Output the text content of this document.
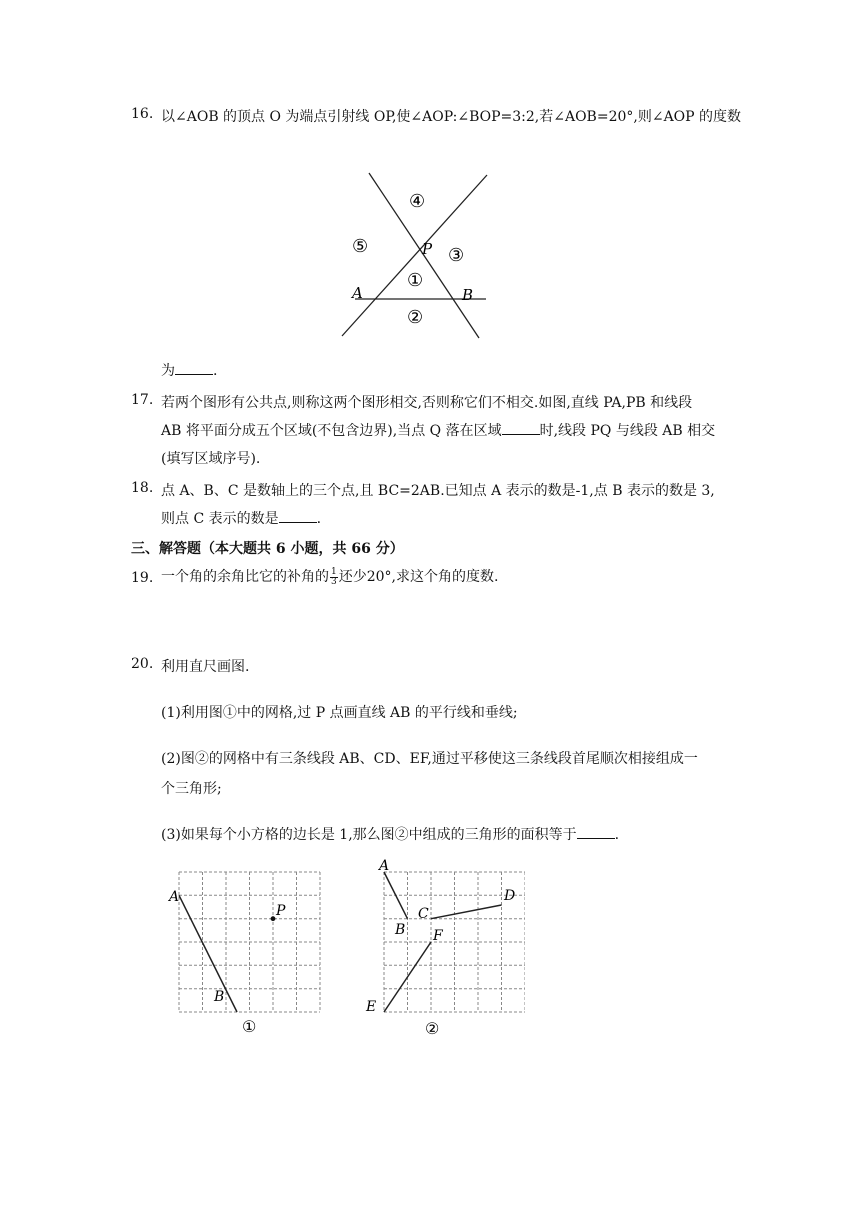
16. 以∠AOB 的顶点 O 为端点引射线 OP,使∠AOP:∠BOP=3:2,若∠AOB=20°,则∠AOP 的度数
P
A	B
④
⑤	③
①
②
为	.
17. 若两个图形有公共点,则称这两个图形相交,否则称它们不相交.如图,直线 PA,PB 和线段
AB 将平面分成五个区域(不包含边界),当点 Q 落在区域	时,线段 PQ 与线段 AB 相交
(填写区域序号).
18. 点 A、B、C 是数轴上的三个点,且 BC=2AB.已知点 A 表示的数是-1,点 B 表示的数是 3,
则点 C 表示的数是	.
三、解答题（本大题共 6 小题，共 66 分）
19. 一个角的余角比它的补角的 $\frac{1}{3}$ 还少20°,求这个角的度数.
20. 利用直尺画图.
(1)利用图①中的网格,过 P 点画直线 AB 的平行线和垂线;
(2)图②的网格中有三条线段 AB、CD、EF,通过平移使这三条线段首尾顺次相接组成一
个三角形;
(3)如果每个小方格的边长是 1,那么图②中组成的三角形的面积等于	.
A
B
P
①
A
B
C
D
E
F
②
